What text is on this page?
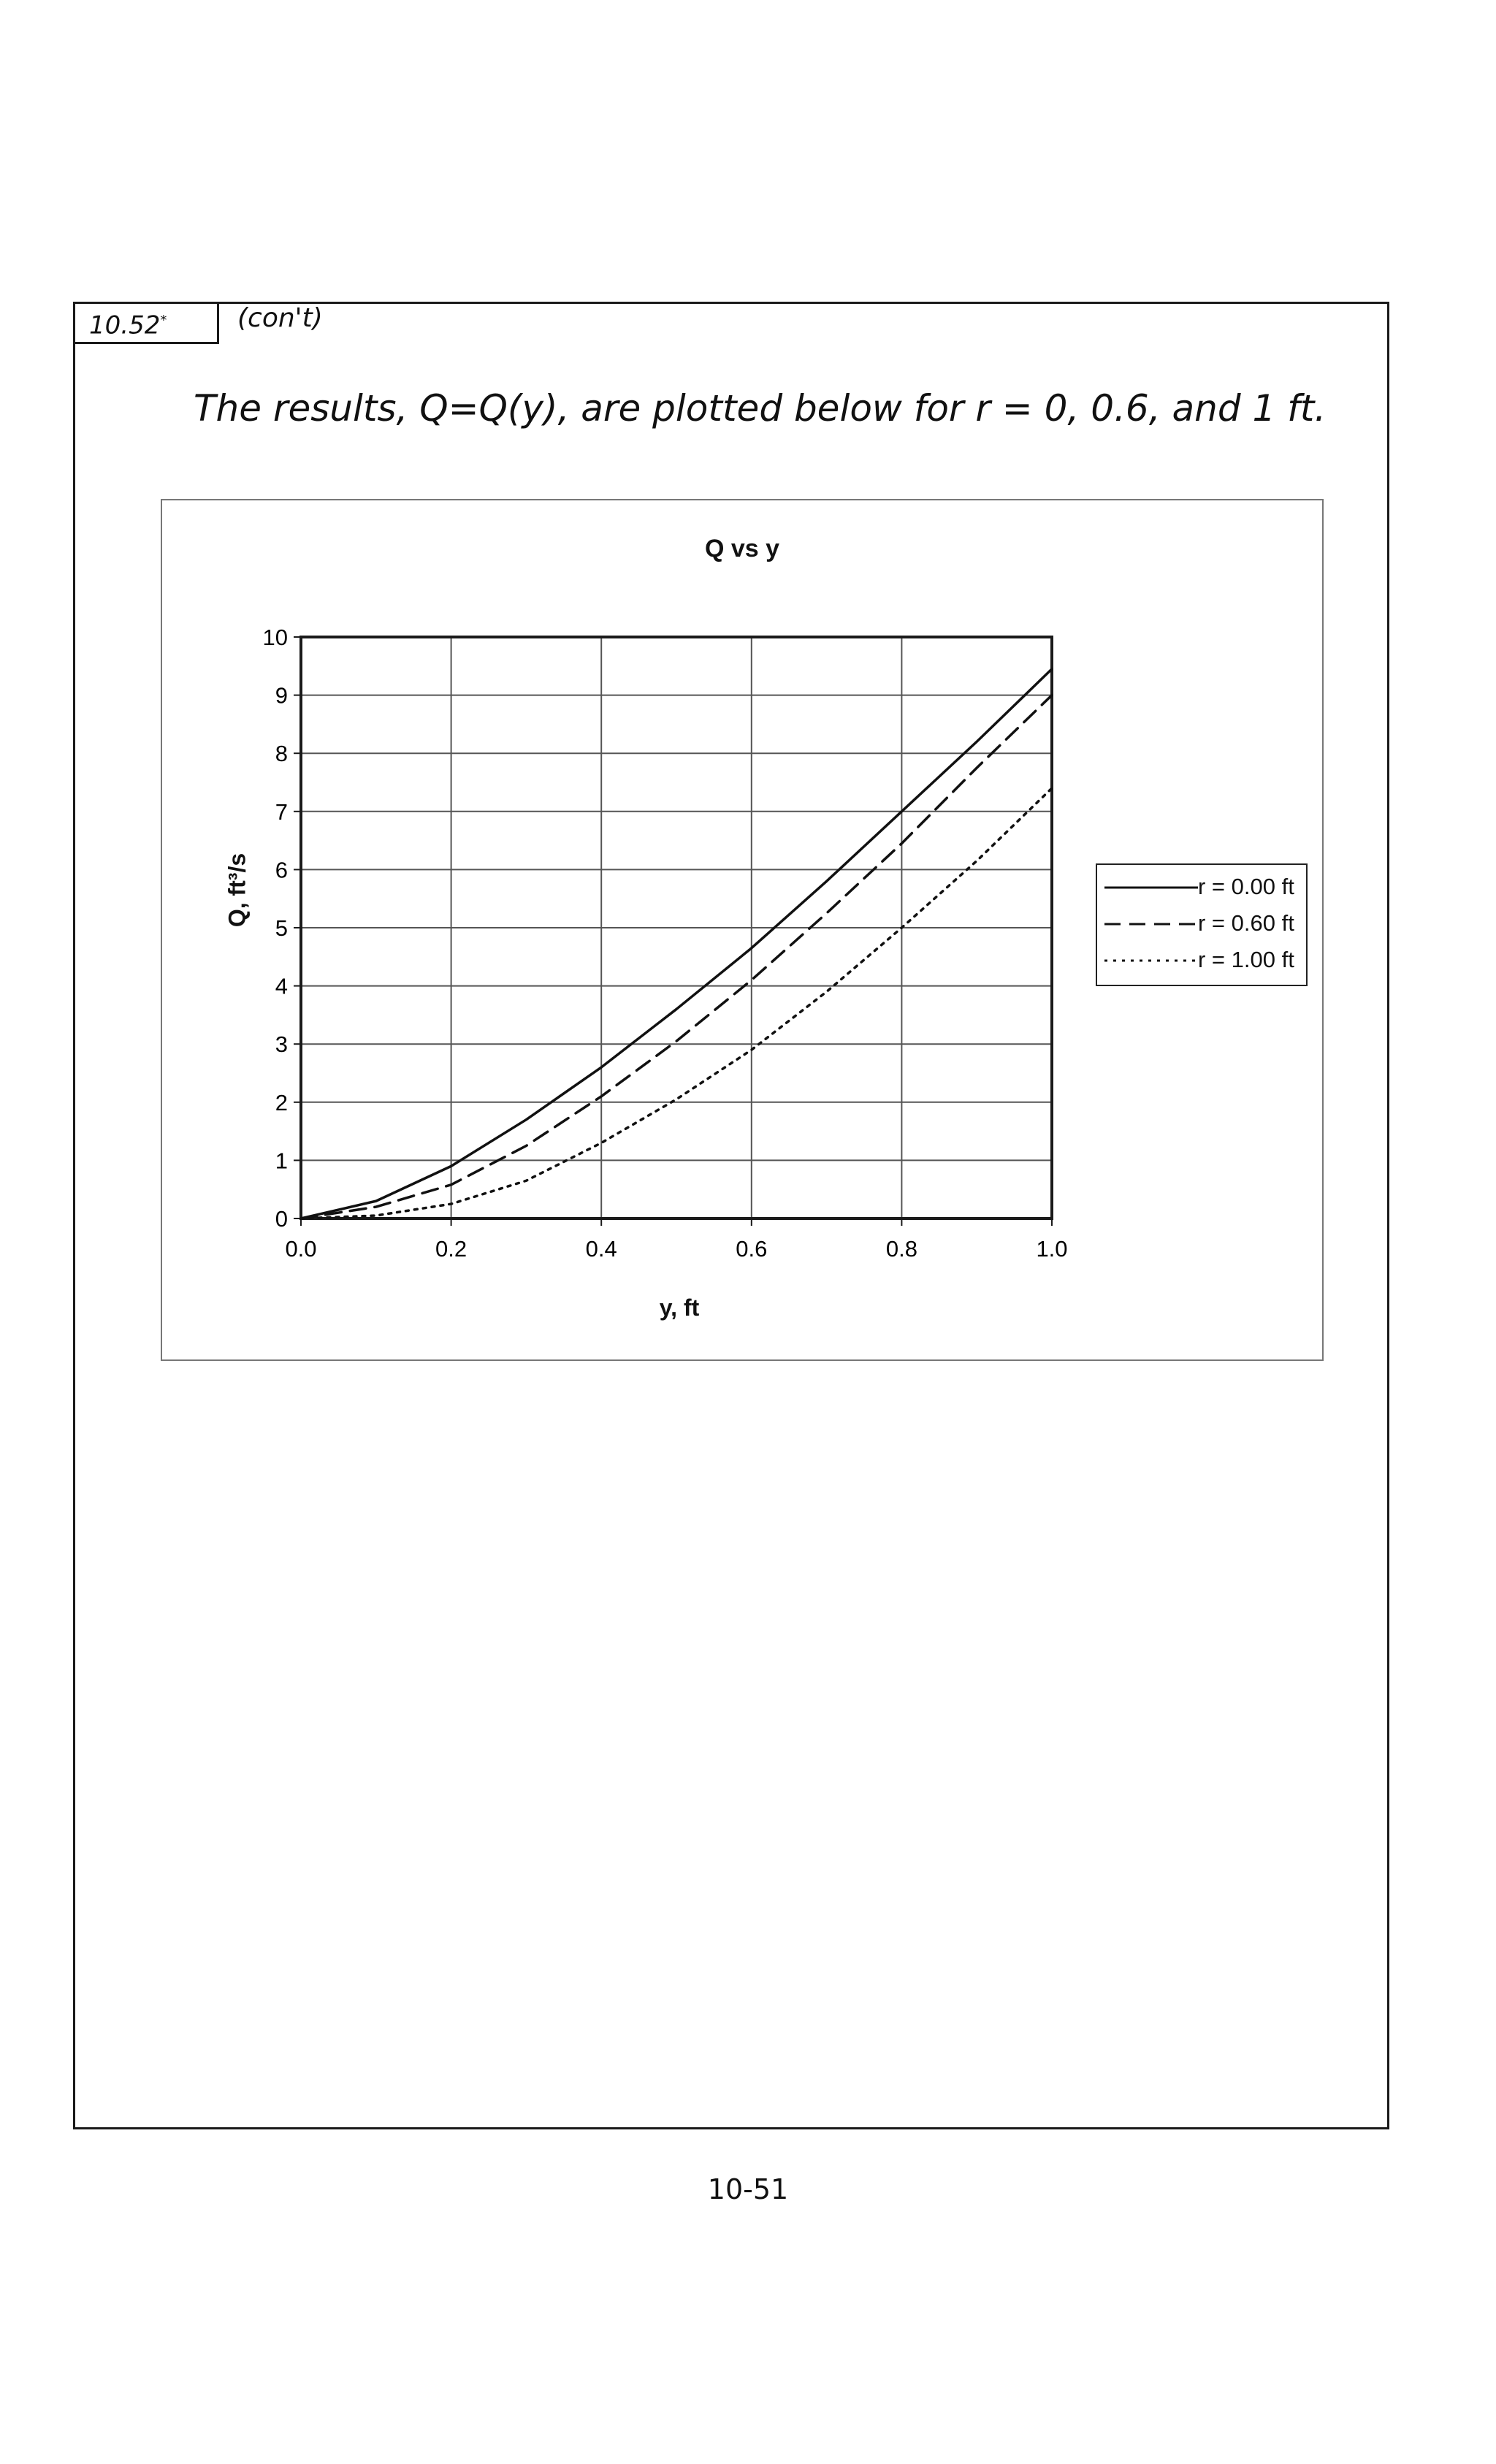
10.52*	(con't)
The results, Q=Q(y), are plotted below for r = 0, 0.6, and 1 ft.
Q vs y
0
1
2
3
4
5
6
7
8
9
10
0.0	0.2	0.4	0.6	0.8	1.0
y, ft
Q, ft³/s	r = 0.00 ft
r = 0.60 ft
r = 1.00 ft
10-51
